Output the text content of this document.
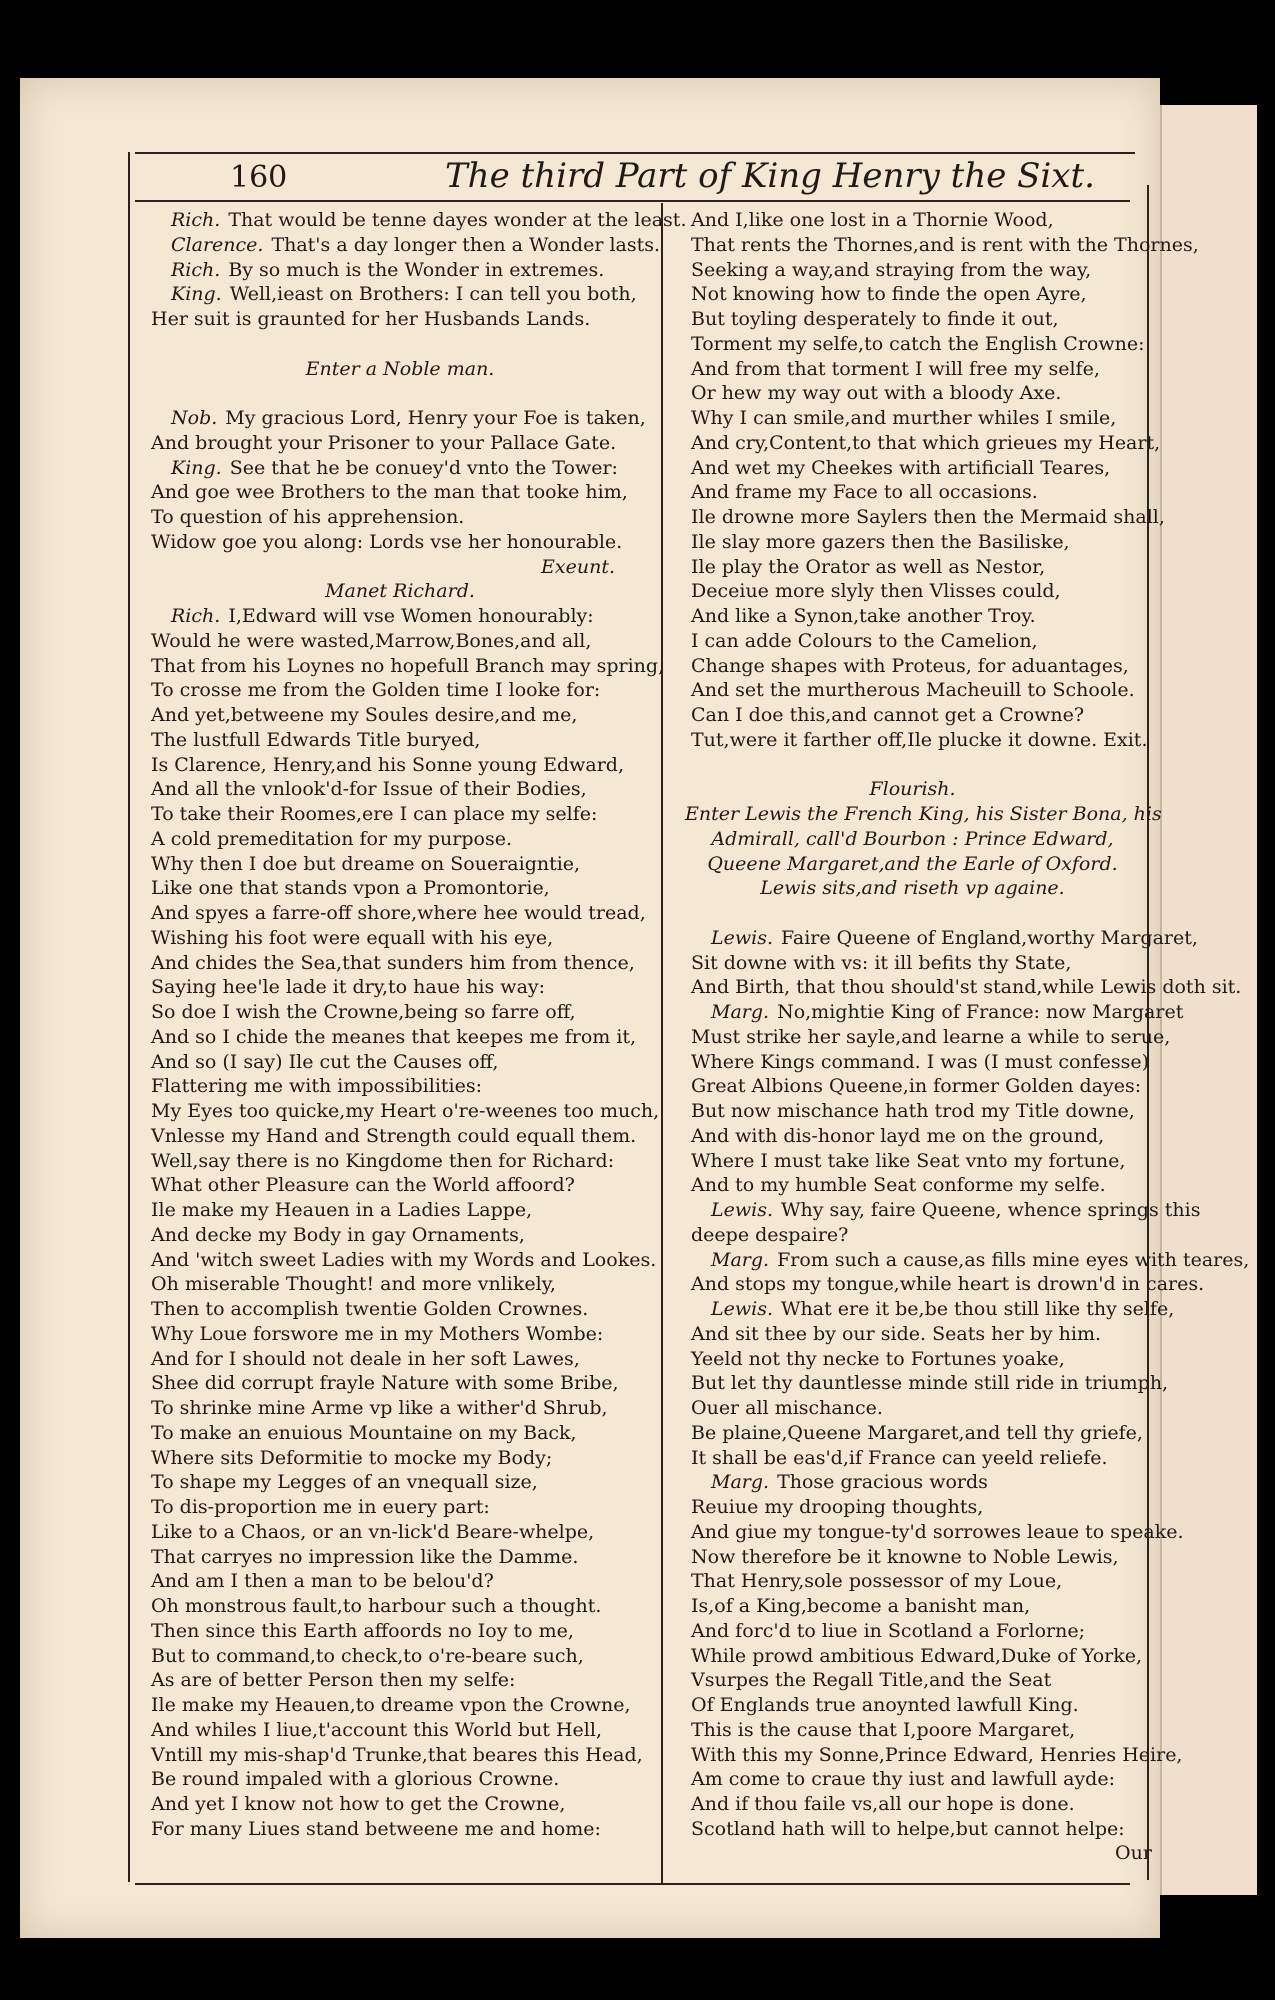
160	The third Part of King Henry the Sixt.
Rich. That would be tenne dayes wonder at the least.
Clarence. That's a day longer then a Wonder lasts.
Rich. By so much is the Wonder in extremes.
King. Well,ieast on Brothers: I can tell you both,
Her suit is graunted for her Husbands Lands.
Enter a Noble man.
Nob. My gracious Lord, Henry your Foe is taken,
And brought your Prisoner to your Pallace Gate.
King. See that he be conuey'd vnto the Tower:
And goe wee Brothers to the man that tooke him,
To question of his apprehension.
Widow goe you along: Lords vse her honourable.
Exeunt.
Manet Richard.
Rich. I,Edward will vse Women honourably:
Would he were wasted,Marrow,Bones,and all,
That from his Loynes no hopefull Branch may spring,
To crosse me from the Golden time I looke for:
And yet,betweene my Soules desire,and me,
The lustfull Edwards Title buryed,
Is Clarence, Henry,and his Sonne young Edward,
And all the vnlook'd-for Issue of their Bodies,
To take their Roomes,ere I can place my selfe:
A cold premeditation for my purpose.
Why then I doe but dreame on Soueraigntie,
Like one that stands vpon a Promontorie,
And spyes a farre-off shore,where hee would tread,
Wishing his foot were equall with his eye,
And chides the Sea,that sunders him from thence,
Saying hee'le lade it dry,to haue his way:
So doe I wish the Crowne,being so farre off,
And so I chide the meanes that keepes me from it,
And so (I say) Ile cut the Causes off,
Flattering me with impossibilities:
My Eyes too quicke,my Heart o're-weenes too much,
Vnlesse my Hand and Strength could equall them.
Well,say there is no Kingdome then for Richard:
What other Pleasure can the World affoord?
Ile make my Heauen in a Ladies Lappe,
And decke my Body in gay Ornaments,
And 'witch sweet Ladies with my Words and Lookes.
Oh miserable Thought! and more vnlikely,
Then to accomplish twentie Golden Crownes.
Why Loue forswore me in my Mothers Wombe:
And for I should not deale in her soft Lawes,
Shee did corrupt frayle Nature with some Bribe,
To shrinke mine Arme vp like a wither'd Shrub,
To make an enuious Mountaine on my Back,
Where sits Deformitie to mocke my Body;
To shape my Legges of an vnequall size,
To dis-proportion me in euery part:
Like to a Chaos, or an vn-lick'd Beare-whelpe,
That carryes no impression like the Damme.
And am I then a man to be belou'd?
Oh monstrous fault,to harbour such a thought.
Then since this Earth affoords no Ioy to me,
But to command,to check,to o're-beare such,
As are of better Person then my selfe:
Ile make my Heauen,to dreame vpon the Crowne,
And whiles I liue,t'account this World but Hell,
Vntill my mis-shap'd Trunke,that beares this Head,
Be round impaled with a glorious Crowne.
And yet I know not how to get the Crowne,
For many Liues stand betweene me and home:
And I,like one lost in a Thornie Wood,
That rents the Thornes,and is rent with the Thornes,
Seeking a way,and straying from the way,
Not knowing how to finde the open Ayre,
But toyling desperately to finde it out,
Torment my selfe,to catch the English Crowne:
And from that torment I will free my selfe,
Or hew my way out with a bloody Axe.
Why I can smile,and murther whiles I smile,
And cry,Content,to that which grieues my Heart,
And wet my Cheekes with artificiall Teares,
And frame my Face to all occasions.
Ile drowne more Saylers then the Mermaid shall,
Ile slay more gazers then the Basiliske,
Ile play the Orator as well as Nestor,
Deceiue more slyly then Vlisses could,
And like a Synon,take another Troy.
I can adde Colours to the Camelion,
Change shapes with Proteus, for aduantages,
And set the murtherous Macheuill to Schoole.
Can I doe this,and cannot get a Crowne?
Tut,were it farther off,Ile plucke it downe. Exit.
Flourish.
Enter Lewis the French King, his Sister Bona, his
Admirall, call'd Bourbon : Prince Edward,
Queene Margaret,and the Earle of Oxford.
Lewis sits,and riseth vp againe.
Lewis. Faire Queene of England,worthy Margaret,
Sit downe with vs: it ill befits thy State,
And Birth, that thou should'st stand,while Lewis doth sit.
Marg. No,mightie King of France: now Margaret
Must strike her sayle,and learne a while to serue,
Where Kings command. I was (I must confesse)
Great Albions Queene,in former Golden dayes:
But now mischance hath trod my Title downe,
And with dis-honor layd me on the ground,
Where I must take like Seat vnto my fortune,
And to my humble Seat conforme my selfe.
Lewis. Why say, faire Queene, whence springs this
deepe despaire?
Marg. From such a cause,as fills mine eyes with teares,
And stops my tongue,while heart is drown'd in cares.
Lewis. What ere it be,be thou still like thy selfe,
And sit thee by our side. Seats her by him.
Yeeld not thy necke to Fortunes yoake,
But let thy dauntlesse minde still ride in triumph,
Ouer all mischance.
Be plaine,Queene Margaret,and tell thy griefe,
It shall be eas'd,if France can yeeld reliefe.
Marg. Those gracious words
Reuiue my drooping thoughts,
And giue my tongue-ty'd sorrowes leaue to speake.
Now therefore be it knowne to Noble Lewis,
That Henry,sole possessor of my Loue,
Is,of a King,become a banisht man,
And forc'd to liue in Scotland a Forlorne;
While prowd ambitious Edward,Duke of Yorke,
Vsurpes the Regall Title,and the Seat
Of Englands true anoynted lawfull King.
This is the cause that I,poore Margaret,
With this my Sonne,Prince Edward, Henries Heire,
Am come to craue thy iust and lawfull ayde:
And if thou faile vs,all our hope is done.
Scotland hath will to helpe,but cannot helpe:
Our
